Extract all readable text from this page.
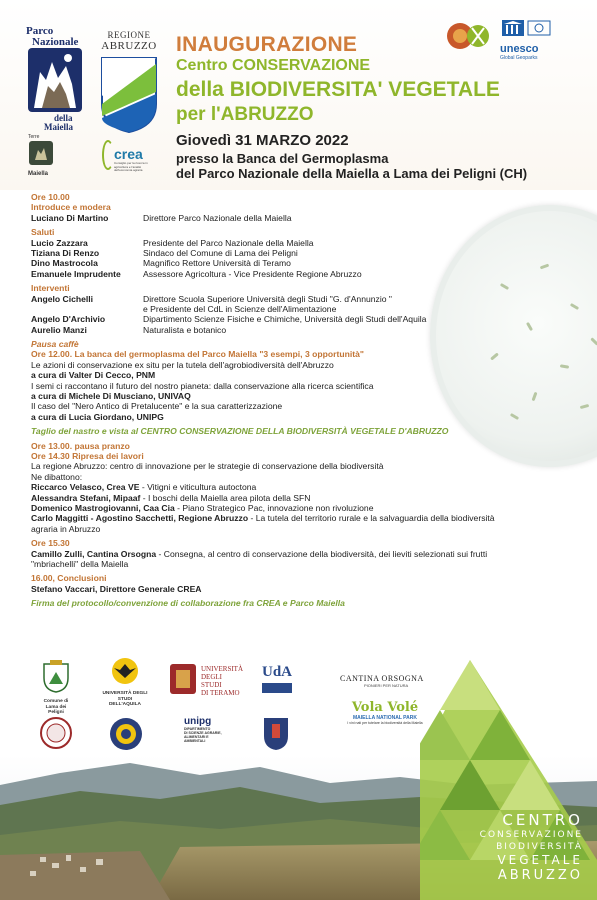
Parco
Nazionale
della
Maiella
REGIONE
ABRUZZO
Terre
Maiella
crea
Consiglio per la ricerca in agricoltura e l'analisi dell'economia agraria
unesco
Global Geoparks
INAUGURAZIONE
Centro CONSERVAZIONE
della BIODIVERSITA' VEGETALE
per l'ABRUZZO
Giovedì 31 MARZO 2022
presso la Banca del Germoplasma
del Parco Nazionale della Maiella a Lama dei Peligni (CH)
Ore 10.00
Introduce e modera
Luciano Di Martino	Direttore Parco Nazionale della Maiella
Saluti
Lucio Zazzara	Presidente del Parco Nazionale della Maiella
Tiziana Di Renzo	Sindaco del Comune di Lama dei Peligni
Dino Mastrocola	Magnifico Rettore Università di Teramo
Emanuele Imprudente	Assessore Agricoltura - Vice Presidente Regione Abruzzo
Interventi
Angelo Cichelli	Direttore Scuola Superiore Università degli Studi "G. d'Annunzio "
e Presidente del CdL in Scienze dell'Alimentazione
Angelo D'Archivio	Dipartimento Scienze Fisiche e Chimiche, Università degli Studi dell'Aquila
Aurelio Manzi	Naturalista e botanico
Pausa caffè
Ore 12.00. La banca del germoplasma del Parco Maiella "3 esempi, 3 opportunità"
Le azioni di conservazione ex situ per la tutela dell'agrobiodiversità dell'Abruzzo
a cura di Valter Di Cecco, PNM
I semi ci raccontano il futuro del nostro pianeta: dalla conservazione alla ricerca scientifica
a cura di Michele Di Musciano, UNIVAQ
Il caso del "Nero Antico di Pretalucente" e la sua caratterizzazione
a cura di Lucia Giordano, UNIPG
Taglio del nastro e vista al CENTRO CONSERVAZIONE DELLA BIODIVERSITÀ VEGETALE D'ABRUZZO
Ore 13.00. pausa pranzo
Ore 14.30 Ripresa dei lavori
La regione Abruzzo: centro di innovazione per le strategie di conservazione della biodiversità
Ne dibattono:
Riccarco Velasco, Crea VE - Vitigni e viticultura autoctona
Alessandra Stefani, Mipaaf - I boschi della Maiella area pilota della SFN
Domenico Mastrogiovanni, Caa Cia - Piano Strategico Pac, innovazione non rivoluzione
Carlo Maggitti - Agostino Sacchetti, Regione Abruzzo - La tutela del territorio rurale e la salvaguardia della biodiversità
agraria in Abruzzo
Ore 15.30
Camillo Zulli, Cantina Orsogna - Consegna, al centro di conservazione della biodiversità, dei lieviti selezionati sui frutti
"mbriachelli" della Maiella
16.00, Conclusioni
Stefano Vaccari, Direttore Generale CREA
Firma del protocollo/convenzione di collaborazione fra CREA e Parco Maiella
Comune di
Lama dei Peligni
UNIVERSITÀ DEGLI STUDI
DELL'AQUILA
UNIVERSITÀ
DEGLI STUDI
DI TERAMO
UdA	CANTINA ORSOGNA
PIONIERI PER NATURA
Vola Volé
MAIELLA NATIONAL PARK
I vini nati per tutelare la biodiversità della Maiella
unipg
DIPARTIMENTO
DI SCIENZE AGRARIE,
ALIMENTARI E AMBIENTALI
CENTRO
CONSERVAZIONE
BIODIVERSITÀ
VEGETALE
ABRUZZO
